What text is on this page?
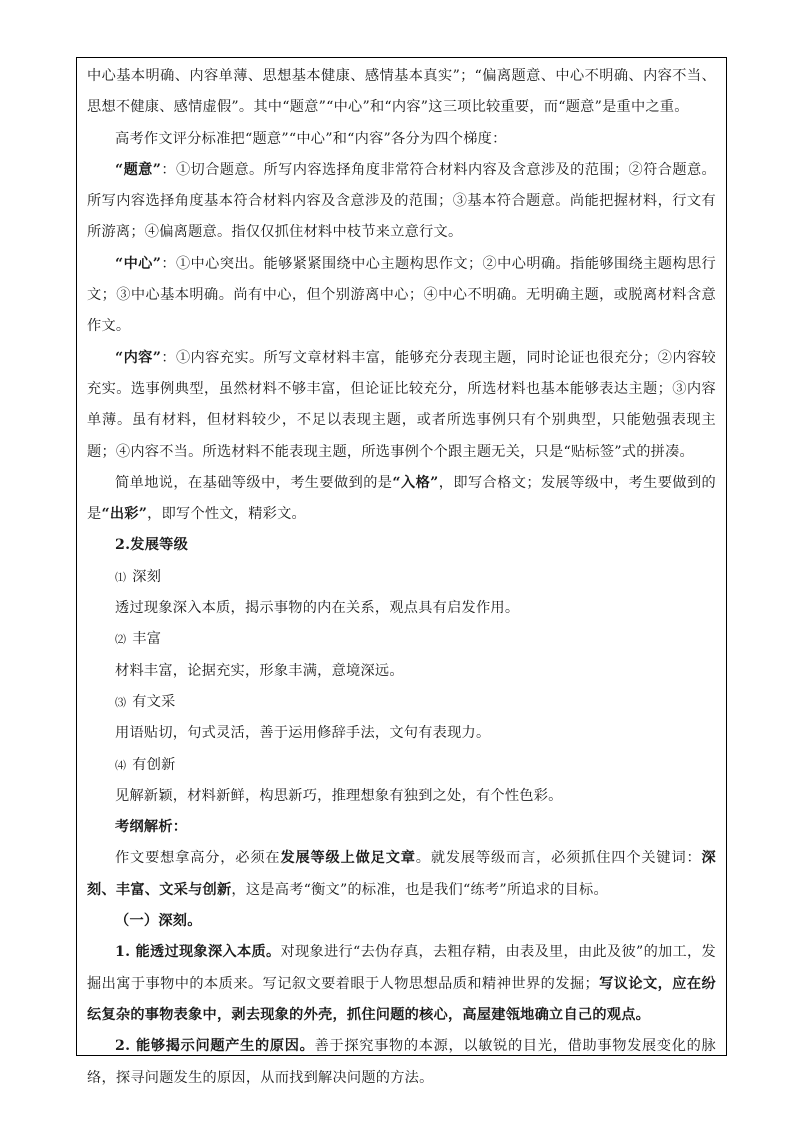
中心基本明确、内容单薄、思想基本健康、感情基本真实”；“偏离题意、中心不明确、内容不当、思想不健康、感情虚假”。其中“题意”“中心”和“内容”这三项比较重要，而“题意”是重中之重。

高考作文评分标准把“题意”“中心”和“内容”各分为四个梯度：

“题意”：①切合题意。所写内容选择角度非常符合材料内容及含意涉及的范围；②符合题意。所写内容选择角度基本符合材料内容及含意涉及的范围；③基本符合题意。尚能把握材料，行文有所游离；④偏离题意。指仅仅抓住材料中枝节来立意行文。

“中心”：①中心突出。能够紧紧围绕中心主题构思作文；②中心明确。指能够围绕主题构思行文；③中心基本明确。尚有中心，但个别游离中心；④中心不明确。无明确主题，或脱离材料含意作文。

“内容”：①内容充实。所写文章材料丰富，能够充分表现主题，同时论证也很充分；②内容较充实。选事例典型，虽然材料不够丰富，但论证比较充分，所选材料也基本能够表达主题；③内容单薄。虽有材料，但材料较少，不足以表现主题，或者所选事例只有个别典型，只能勉强表现主题；④内容不当。所选材料不能表现主题，所选事例个个跟主题无关，只是“贴标签”式的拼凑。

简单地说，在基础等级中，考生要做到的是“入格”，即写合格文；发展等级中，考生要做到的是“出彩”，即写个性文，精彩文。

2.发展等级

⑴ 深刻

透过现象深入本质，揭示事物的内在关系，观点具有启发作用。

⑵ 丰富

材料丰富，论据充实，形象丰满，意境深远。

⑶ 有文采

用语贴切，句式灵活，善于运用修辞手法，文句有表现力。

⑷ 有创新

见解新颖，材料新鲜，构思新巧，推理想象有独到之处，有个性色彩。

考纲解析：

作文要想拿高分，必须在发展等级上做足文章。就发展等级而言，必须抓住四个关键词：深刻、丰富、文采与创新，这是高考“衡文”的标准，也是我们“练考”所追求的目标。

（一）深刻。

1. 能透过现象深入本质。对现象进行“去伪存真，去粗存精，由表及里，由此及彼”的加工，发掘出寓于事物中的本质来。写记叙文要着眼于人物思想品质和精神世界的发掘；写议论文，应在纷纭复杂的事物表象中，剥去现象的外壳，抓住问题的核心，高屋建瓴地确立自己的观点。

2. 能够揭示问题产生的原因。善于探究事物的本源，以敏锐的目光，借助事物发展变化的脉络，探寻问题发生的原因，从而找到解决问题的方法。
